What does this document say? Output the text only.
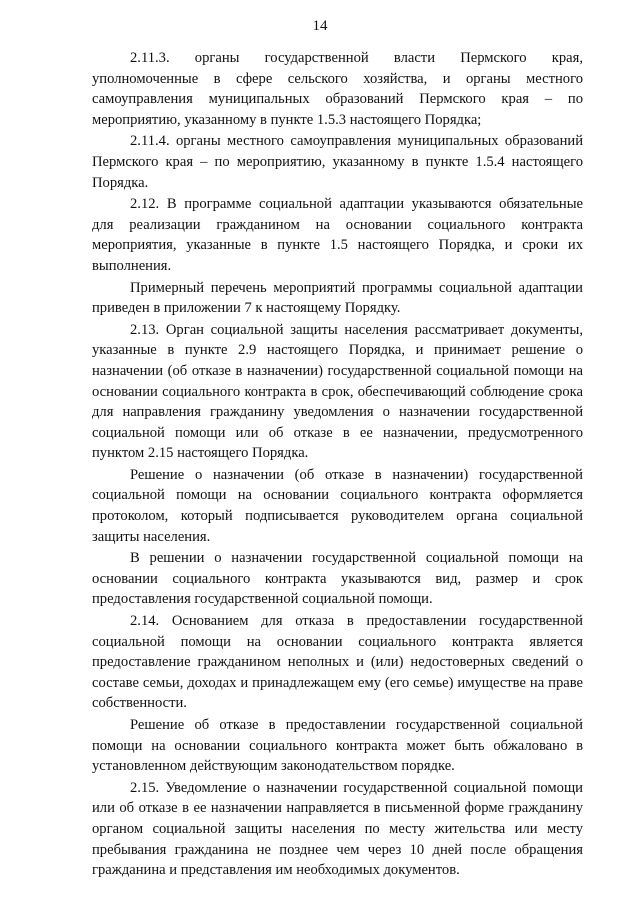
14

2.11.3. органы государственной власти Пермского края, уполномоченные в сфере сельского хозяйства, и органы местного самоуправления муниципальных образований Пермского края – по мероприятию, указанному в пункте 1.5.3 настоящего Порядка;

2.11.4. органы местного самоуправления муниципальных образований Пермского края – по мероприятию, указанному в пункте 1.5.4 настоящего Порядка.

2.12. В программе социальной адаптации указываются обязательные для реализации гражданином на основании социального контракта мероприятия, указанные в пункте 1.5 настоящего Порядка, и сроки их выполнения.

Примерный перечень мероприятий программы социальной адаптации приведен в приложении 7 к настоящему Порядку.

2.13. Орган социальной защиты населения рассматривает документы, указанные в пункте 2.9 настоящего Порядка, и принимает решение о назначении (об отказе в назначении) государственной социальной помощи на основании социального контракта в срок, обеспечивающий соблюдение срока для направления гражданину уведомления о назначении государственной социальной помощи или об отказе в ее назначении, предусмотренного пунктом 2.15 настоящего Порядка.

Решение о назначении (об отказе в назначении) государственной социальной помощи на основании социального контракта оформляется протоколом, который подписывается руководителем органа социальной защиты населения.

В решении о назначении государственной социальной помощи на основании социального контракта указываются вид, размер и срок предоставления государственной социальной помощи.

2.14. Основанием для отказа в предоставлении государственной социальной помощи на основании социального контракта является предоставление гражданином неполных и (или) недостоверных сведений о составе семьи, доходах и принадлежащем ему (его семье) имуществе на праве собственности.

Решение об отказе в предоставлении государственной социальной помощи на основании социального контракта может быть обжаловано в установленном действующим законодательством порядке.

2.15. Уведомление о назначении государственной социальной помощи или об отказе в ее назначении направляется в письменной форме гражданину органом социальной защиты населения по месту жительства или месту пребывания гражданина не позднее чем через 10 дней после обращения гражданина и представления им необходимых документов.
